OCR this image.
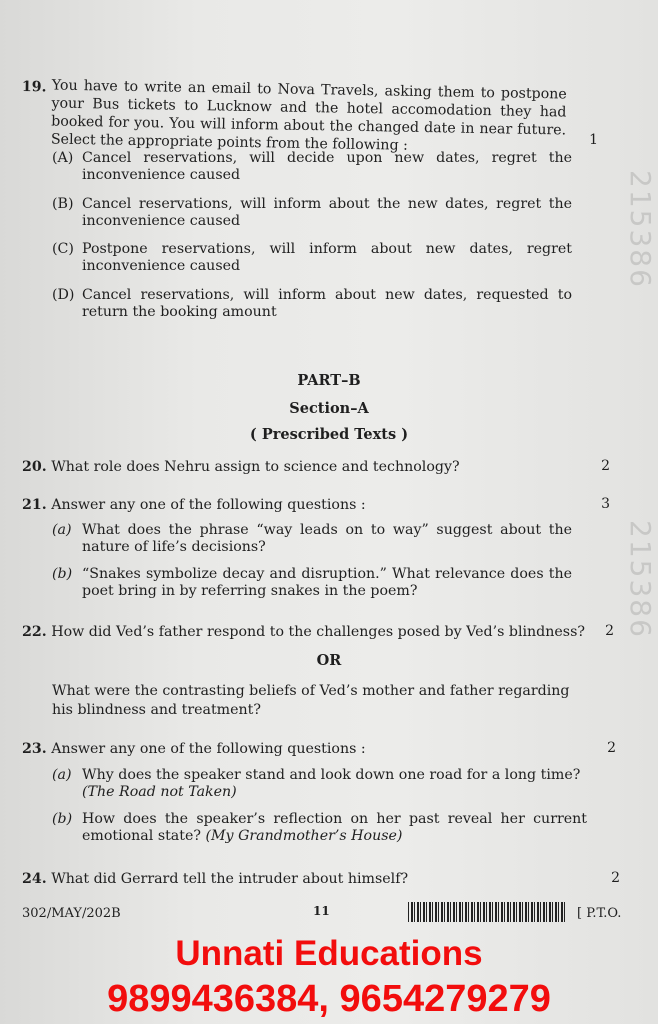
19. You have to write an email to Nova Travels, asking them to postpone your Bus tickets to Lucknow and the hotel accomodation they had booked for you. You will inform about the changed date in near future. Select the appropriate points from the following :	1
(A) Cancel reservations, will decide upon new dates, regret the inconvenience caused
(B) Cancel reservations, will inform about the new dates, regret the inconvenience caused
(C) Postpone reservations, will inform about new dates, regret inconvenience caused
(D) Cancel reservations, will inform about new dates, requested to return the booking amount
PART–B
Section–A
( Prescribed Texts )
20. What role does Nehru assign to science and technology?	2
21. Answer any one of the following questions :	3
(a) What does the phrase “way leads on to way” suggest about the nature of life’s decisions?
(b) “Snakes symbolize decay and disruption.” What relevance does the poet bring in by referring snakes in the poem?
22. How did Ved’s father respond to the challenges posed by Ved’s blindness? 2
OR
What were the contrasting beliefs of Ved’s mother and father regarding his blindness and treatment?
23. Answer any one of the following questions :	2
(a) Why does the speaker stand and look down one road for a long time?
(The Road not Taken)
(b) How does the speaker’s reflection on her past reveal her current emotional state? (My Grandmother’s House)
24. What did Gerrard tell the intruder about himself?	2
215386
215386
302/MAY/202B	11	[ P.T.O.
Unnati Educations
9899436384, 9654279279
